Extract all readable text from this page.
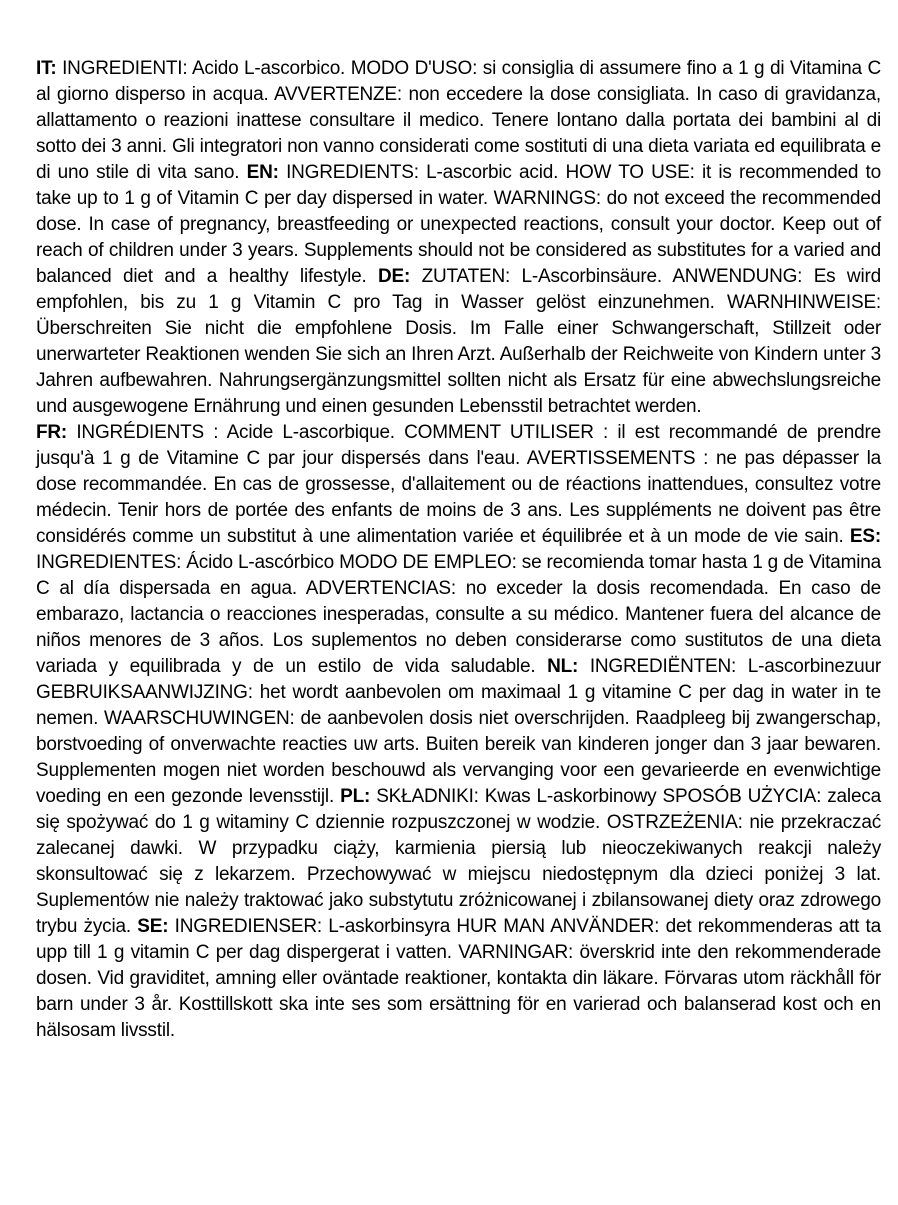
IT: INGREDIENTI: Acido L-ascorbico. MODO D'USO: si consiglia di assumere fino a 1 g di Vitamina C al giorno disperso in acqua. AVVERTENZE: non eccedere la dose consigliata. In caso di gravidanza, allattamento o reazioni inattese consultare il medico. Tenere lontano dalla portata dei bambini al di sotto dei 3 anni. Gli integratori non vanno considerati come sostituti di una dieta variata ed equilibrata e di uno stile di vita sano. EN: INGREDIENTS: L-ascorbic acid. HOW TO USE: it is recommended to take up to 1 g of Vitamin C per day dispersed in water. WARNINGS: do not exceed the recommended dose. In case of pregnancy, breastfeeding or unexpected reactions, consult your doctor. Keep out of reach of children under 3 years. Supplements should not be considered as substitutes for a varied and balanced diet and a healthy lifestyle. DE: ZUTATEN: L-Ascorbinsäure. ANWENDUNG: Es wird empfohlen, bis zu 1 g Vitamin C pro Tag in Wasser gelöst einzunehmen. WARNHINWEISE: Überschreiten Sie nicht die empfohlene Dosis. Im Falle einer Schwangerschaft, Stillzeit oder unerwarteter Reaktionen wenden Sie sich an Ihren Arzt. Außerhalb der Reichweite von Kindern unter 3 Jahren aufbewahren. Nahrungsergänzungsmittel sollten nicht als Ersatz für eine abwechslungsreiche und ausgewogene Ernährung und einen gesunden Lebensstil betrachtet werden.

FR: INGRÉDIENTS : Acide L-ascorbique. COMMENT UTILISER : il est recommandé de prendre jusqu'à 1 g de Vitamine C par jour dispersés dans l'eau. AVERTISSEMENTS : ne pas dépasser la dose recommandée. En cas de grossesse, d'allaitement ou de réactions inattendues, consultez votre médecin. Tenir hors de portée des enfants de moins de 3 ans. Les suppléments ne doivent pas être considérés comme un substitut à une alimentation variée et équilibrée et à un mode de vie sain. ES: INGREDIENTES: Ácido L-ascórbico MODO DE EMPLEO: se recomienda tomar hasta 1 g de Vitamina C al día dispersada en agua. ADVERTENCIAS: no exceder la dosis recomendada. En caso de embarazo, lactancia o reacciones inesperadas, consulte a su médico. Mantener fuera del alcance de niños menores de 3 años. Los suplementos no deben considerarse como sustitutos de una dieta variada y equilibrada y de un estilo de vida saludable. NL: INGREDIËNTEN: L-ascorbinezuur GEBRUIKSAANWIJZING: het wordt aanbevolen om maximaal 1 g vitamine C per dag in water in te nemen. WAARSCHUWINGEN: de aanbevolen dosis niet overschrijden. Raadpleeg bij zwangerschap, borstvoeding of onverwachte reacties uw arts. Buiten bereik van kinderen jonger dan 3 jaar bewaren. Supplementen mogen niet worden beschouwd als vervanging voor een gevarieerde en evenwichtige voeding en een gezonde levensstijl. PL: SKŁADNIKI: Kwas L-askorbinowy SPOSÓB UŻYCIA: zaleca się spożywać do 1 g witaminy C dziennie rozpuszczonej w wodzie. OSTRZEŻENIA: nie przekraczać zalecanej dawki. W przypadku ciąży, karmienia piersią lub nieoczekiwanych reakcji należy skonsultować się z lekarzem. Przechowywać w miejscu niedostępnym dla dzieci poniżej 3 lat. Suplementów nie należy traktować jako substytutu zróżnicowanej i zbilansowanej diety oraz zdrowego trybu życia. SE: INGREDIENSER: L-askorbinsyra HUR MAN ANVÄNDER: det rekommenderas att ta upp till 1 g vitamin C per dag dispergerat i vatten. VARNINGAR: överskrid inte den rekommenderade dosen. Vid graviditet, amning eller oväntade reaktioner, kontakta din läkare. Förvaras utom räckhåll för barn under 3 år. Kosttillskott ska inte ses som ersättning för en varierad och balanserad kost och en hälsosam livsstil.
